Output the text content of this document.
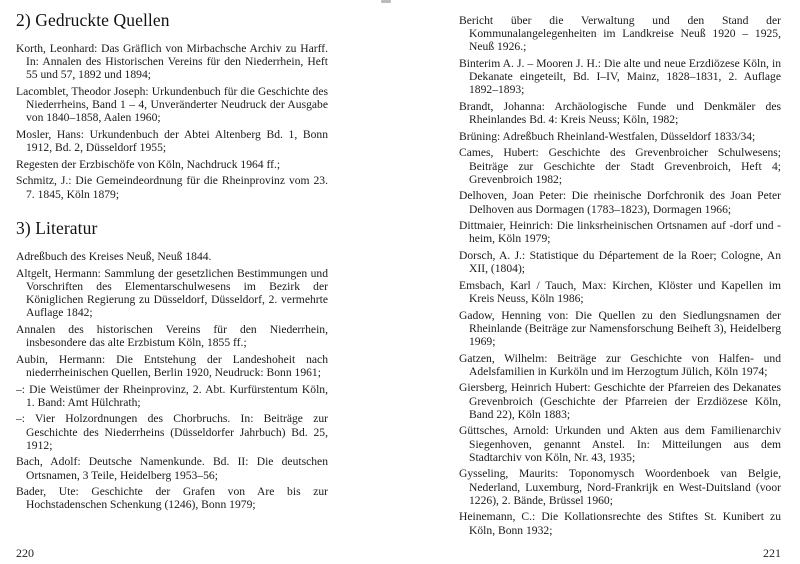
2) Gedruckte Quellen
Korth, Leonhard: Das Gräflich von Mirbachsche Archiv zu Harff. In: Annalen des Historischen Vereins für den Niederrhein, Heft 55 und 57, 1892 und 1894;
Lacomblet, Theodor Joseph: Urkundenbuch für die Geschichte des Niederrheins, Band 1 – 4, Unveränderter Neudruck der Ausgabe von 1840–1858, Aalen 1960;
Mosler, Hans: Urkundenbuch der Abtei Altenberg Bd. 1, Bonn 1912, Bd. 2, Düsseldorf 1955;
Regesten der Erzbischöfe von Köln, Nachdruck 1964 ff.;
Schmitz, J.: Die Gemeindeordnung für die Rheinprovinz vom 23. 7. 1845, Köln 1879;
3) Literatur
Adreßbuch des Kreises Neuß, Neuß 1844.
Altgelt, Hermann: Sammlung der gesetzlichen Bestimmungen und Vorschriften des Elementarschulwesens im Bezirk der Königlichen Regierung zu Düsseldorf, Düsseldorf, 2. vermehrte Auflage 1842;
Annalen des historischen Vereins für den Niederrhein, insbesondere das alte Erzbistum Köln, 1855 ff.;
Aubin, Hermann: Die Entstehung der Landeshoheit nach niederrheinischen Quellen, Berlin 1920, Neudruck: Bonn 1961;
–: Die Weistümer der Rheinprovinz, 2. Abt. Kurfürstentum Köln, 1. Band: Amt Hülchrath;
–: Vier Holzordnungen des Chorbruchs. In: Beiträge zur Geschichte des Niederrheins (Düsseldorfer Jahrbuch) Bd. 25, 1912;
Bach, Adolf: Deutsche Namenkunde. Bd. II: Die deutschen Ortsnamen, 3 Teile, Heidelberg 1953–56;
Bader, Ute: Geschichte der Grafen von Are bis zur Hochstadenschen Schenkung (1246), Bonn 1979;
220
Bericht über die Verwaltung und den Stand der Kommunalangelegenheiten im Landkreise Neuß 1920 – 1925, Neuß 1926.;
Binterim A. J. – Mooren J. H.: Die alte und neue Erzdiözese Köln, in Dekanate eingeteilt, Bd. I–IV, Mainz, 1828–1831, 2. Auflage 1892–1893;
Brandt, Johanna: Archäologische Funde und Denkmäler des Rheinlandes Bd. 4: Kreis Neuss; Köln, 1982;
Brüning: Adreßbuch Rheinland-Westfalen, Düsseldorf 1833/34;
Cames, Hubert: Geschichte des Grevenbroicher Schulwesens; Beiträge zur Geschichte der Stadt Grevenbroich, Heft 4; Grevenbroich 1982;
Delhoven, Joan Peter: Die rheinische Dorfchronik des Joan Peter Delhoven aus Dormagen (1783–1823), Dormagen 1966;
Dittmaier, Heinrich: Die linksrheinischen Ortsnamen auf -dorf und -heim, Köln 1979;
Dorsch, A. J.: Statistique du Département de la Roer; Cologne, An XII, (1804);
Emsbach, Karl / Tauch, Max: Kirchen, Klöster und Kapellen im Kreis Neuss, Köln 1986;
Gadow, Henning von: Die Quellen zu den Siedlungsnamen der Rheinlande (Beiträge zur Namensforschung Beiheft 3), Heidelberg 1969;
Gatzen, Wilhelm: Beiträge zur Geschichte von Halfen- und Adelsfamilien in Kurköln und im Herzogtum Jülich, Köln 1974;
Giersberg, Heinrich Hubert: Geschichte der Pfarreien des Dekanates Grevenbroich (Geschichte der Pfarreien der Erzdiözese Köln, Band 22), Köln 1883;
Güttsches, Arnold: Urkunden und Akten aus dem Familienarchiv Siegenhoven, genannt Anstel. In: Mitteilungen aus dem Stadtarchiv von Köln, Nr. 43, 1935;
Gysseling, Maurits: Toponomysch Woordenboek van Belgie, Nederland, Luxemburg, Nord-Frankrijk en West-Duitsland (voor 1226), 2. Bände, Brüssel 1960;
Heinemann, C.: Die Kollationsrechte des Stiftes St. Kunibert zu Köln, Bonn 1932;
221
